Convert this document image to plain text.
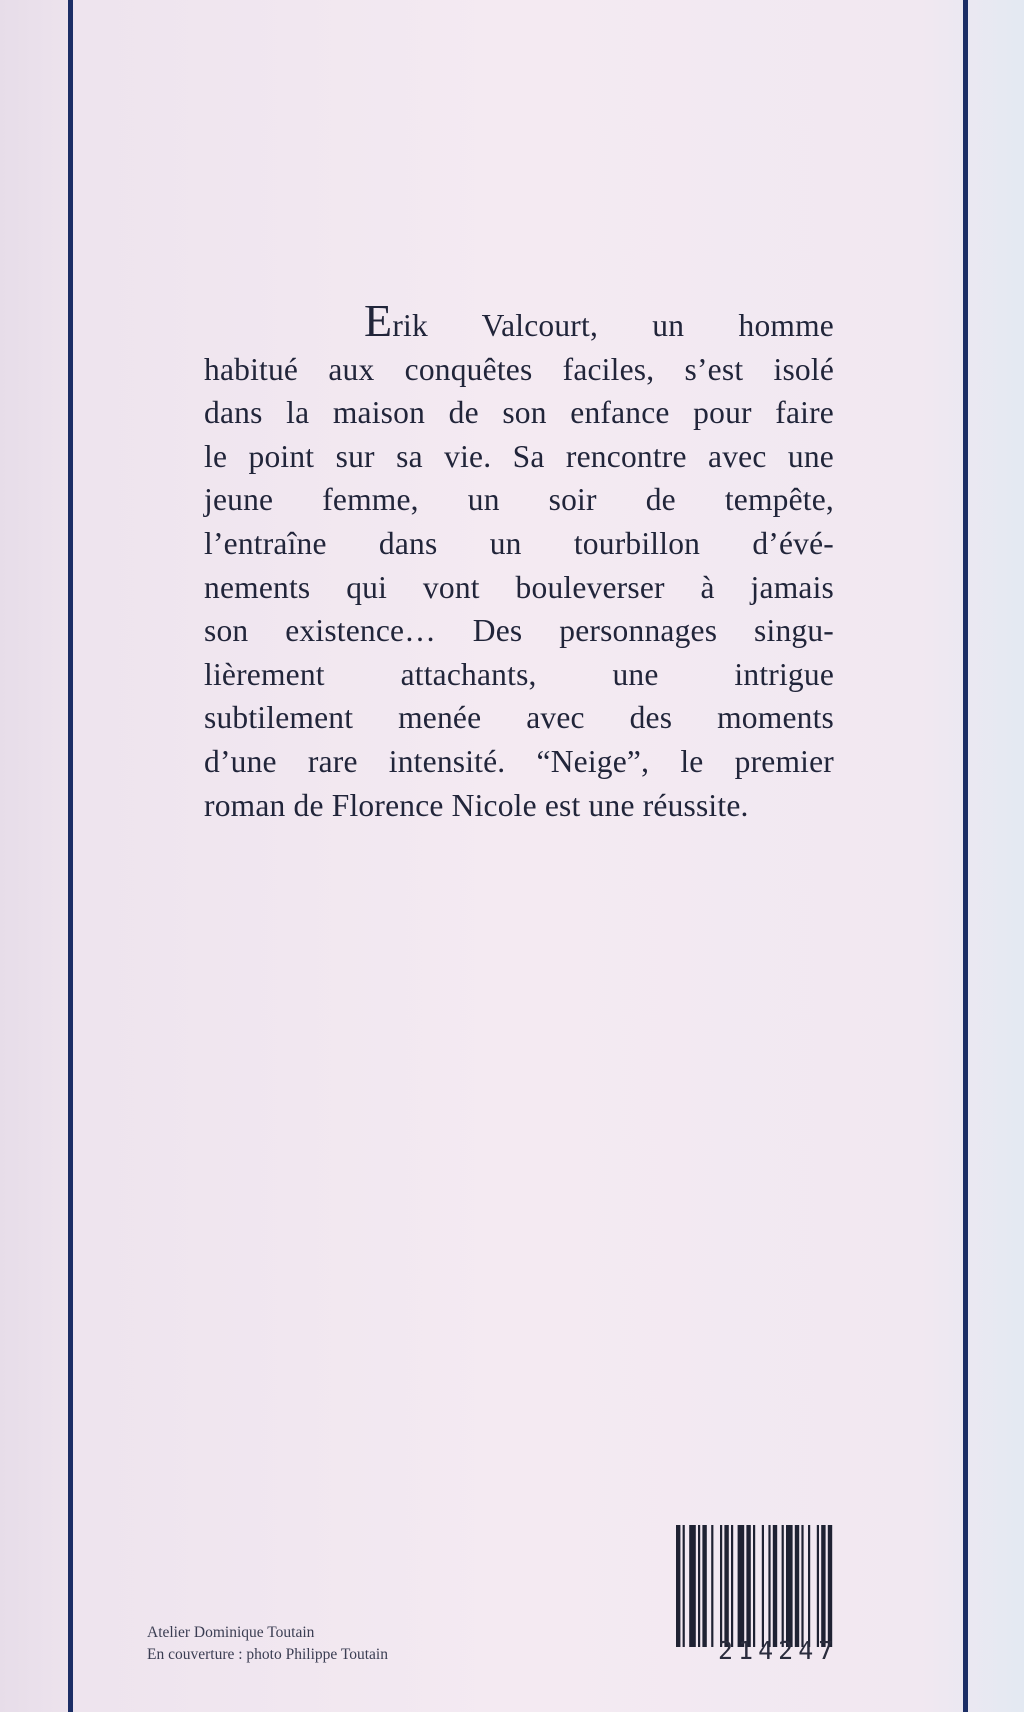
Erik Valcourt, un homme
habitué aux conquêtes faciles, s’est isolé
dans la maison de son enfance pour faire
le point sur sa vie. Sa rencontre avec une
jeune femme, un soir de tempête,
l’entraîne dans un tourbillon d’évé-
nements qui vont bouleverser à jamais
son existence… Des personnages singu-
lièrement attachants, une intrigue
subtilement menée avec des moments
d’une rare intensité. “Neige”, le premier
roman de Florence Nicole est une réussite.
Atelier Dominique Toutain
En couverture : photo Philippe Toutain	214247
